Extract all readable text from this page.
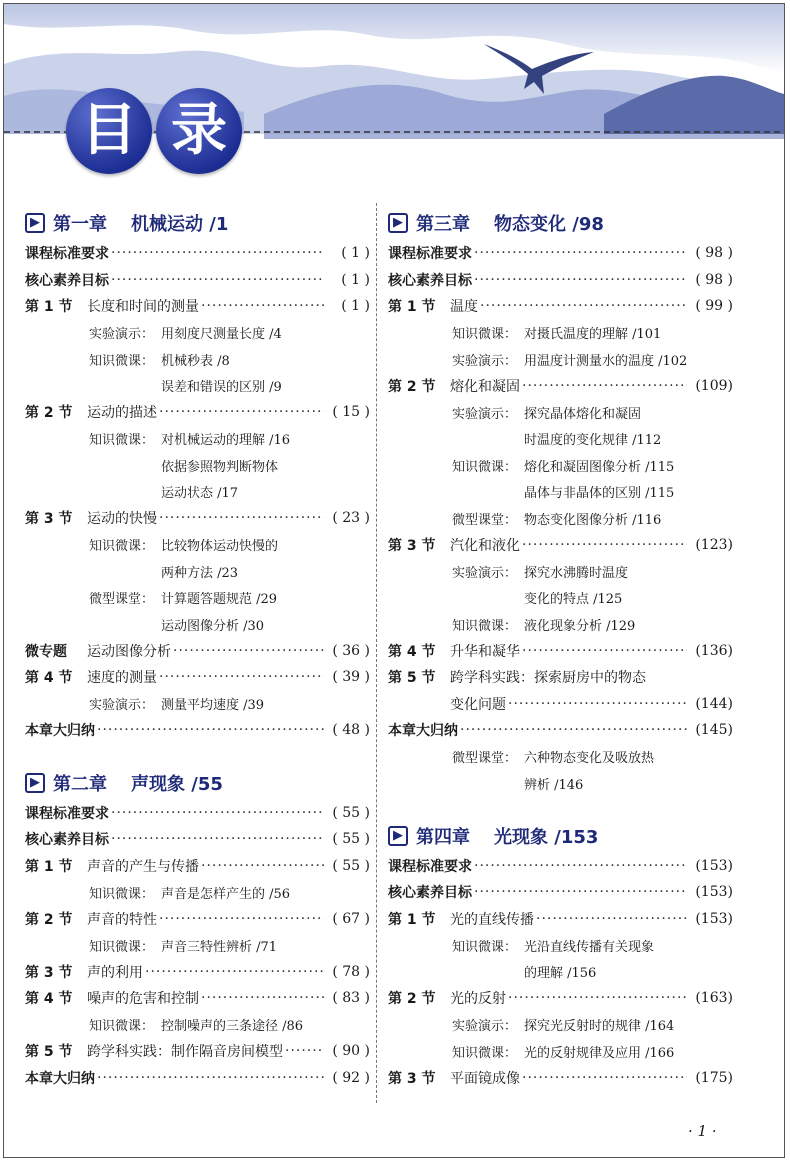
目 录
▶ 第一章 机械运动 /1
课程标准要求 ·····	( 1 )
核心素养目标 ·····	( 1 )
第 1 节	长度和时间的测量 ·····	( 1 )
实验演示： 用刻度尺测量长度 /4
知识微课： 机械秒表 /8
误差和错误的区别 /9
第 2 节	运动的描述 ·····	( 15 )
知识微课： 对机械运动的理解 /16
依据参照物判断物体
运动状态 /17
第 3 节	运动的快慢 ·····	( 23 )
知识微课： 比较物体运动快慢的
两种方法 /23
微型课堂： 计算题答题规范 /29
运动图像分析 /30
微专题	运动图像分析 ·····	( 36 )
第 4 节	速度的测量 ·····	( 39 )
实验演示： 测量平均速度 /39
本章大归纳 ·····	( 48 )
▶ 第二章 声现象 /55
课程标准要求 ·····	( 55 )
核心素养目标 ·····	( 55 )
第 1 节	声音的产生与传播 ·····	( 55 )
知识微课： 声音是怎样产生的 /56
第 2 节	声音的特性 ·····	( 67 )
知识微课： 声音三特性辨析 /71
第 3 节	声的利用 ·····	( 78 )
第 4 节	噪声的危害和控制 ·····	( 83 )
知识微课： 控制噪声的三条途径 /86
第 5 节	跨学科实践：制作隔音房间模型 ·····	( 90 )
本章大归纳 ·····	( 92 )
▶ 第三章 物态变化 /98
课程标准要求 ·····	( 98 )
核心素养目标 ·····	( 98 )
第 1 节	温度 ·····	( 99 )
知识微课： 对摄氏温度的理解 /101
实验演示： 用温度计测量水的温度 /102
第 2 节	熔化和凝固 ·····	(109)
实验演示： 探究晶体熔化和凝固
时温度的变化规律 /112
知识微课： 熔化和凝固图像分析 /115
晶体与非晶体的区别 /115
微型课堂： 物态变化图像分析 /116
第 3 节	汽化和液化 ·····	(123)
实验演示： 探究水沸腾时温度
变化的特点 /125
知识微课： 液化现象分析 /129
第 4 节	升华和凝华 ·····	(136)
第 5 节	跨学科实践：探索厨房中的物态
变化问题 ·····	(144)
本章大归纳 ·····	(145)
微型课堂： 六种物态变化及吸放热
辨析 /146
▶ 第四章 光现象 /153
课程标准要求 ·····	(153)
核心素养目标 ·····	(153)
第 1 节	光的直线传播 ·····	(153)
知识微课： 光沿直线传播有关现象
的理解 /156
第 2 节	光的反射 ·····	(163)
实验演示： 探究光反射时的规律 /164
知识微课： 光的反射规律及应用 /166
第 3 节	平面镜成像 ·····	(175)
· 1 ·
